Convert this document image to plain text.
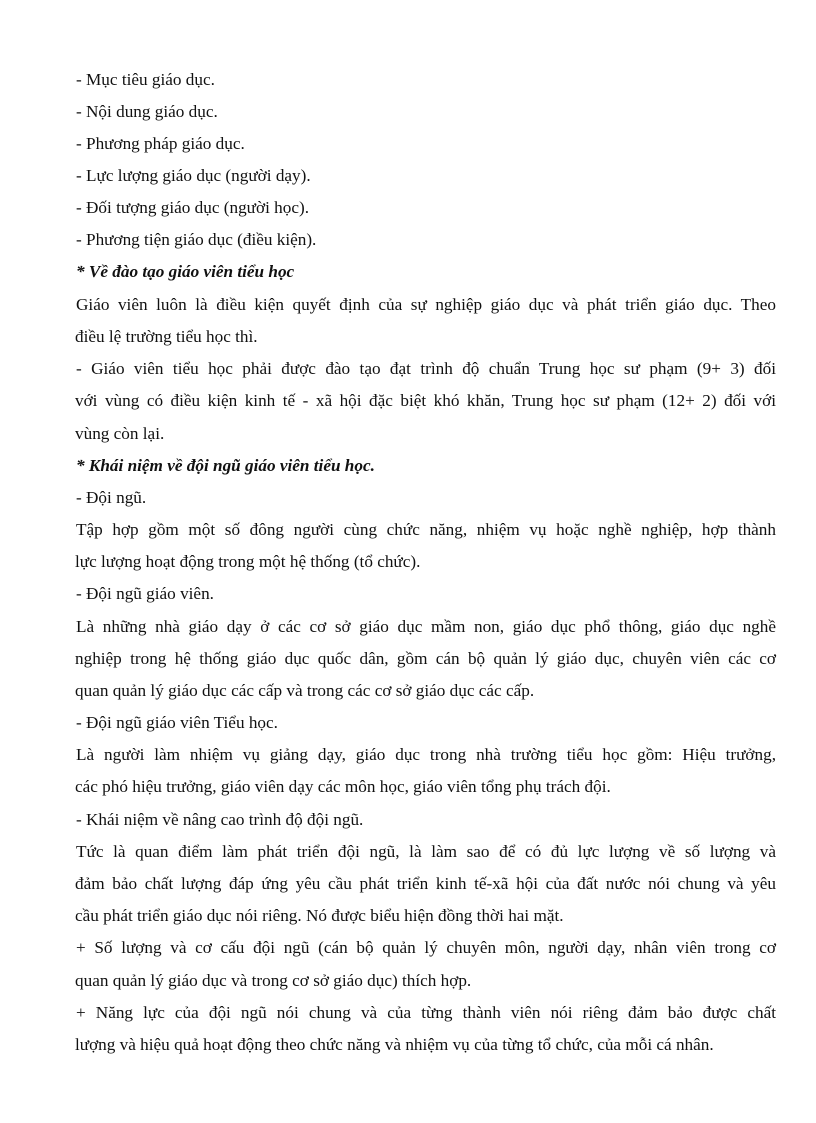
- Mục tiêu giáo dục.

- Nội dung giáo dục.

- Phương pháp giáo dục.

- Lực lượng giáo dục (người dạy).

- Đối tượng giáo dục (người học).

- Phương tiện giáo dục (điều kiện).

* Về đào tạo giáo viên tiểu học

Giáo viên luôn là điều kiện quyết định của sự nghiệp giáo dục và phát triển giáo dục. Theo

điều lệ trường tiểu học thì.

- Giáo viên tiểu học phải được đào tạo đạt trình độ chuẩn Trung học sư phạm (9+ 3) đối

với vùng có điều kiện kinh tế - xã hội đặc biệt khó khăn, Trung học sư phạm (12+ 2) đối với

vùng còn lại.

* Khái niệm về đội ngũ giáo viên tiểu học.

- Đội ngũ.

Tập hợp gồm một số đông người cùng chức năng, nhiệm vụ hoặc nghề nghiệp, hợp thành

lực lượng hoạt động trong một hệ thống (tổ chức).

- Đội ngũ giáo viên.

Là những nhà giáo dạy ở các cơ sở giáo dục mầm non, giáo dục phổ thông, giáo dục nghề

nghiệp trong hệ thống giáo dục quốc dân, gồm cán bộ quản lý giáo dục, chuyên viên các cơ

quan quản lý giáo dục các cấp và trong các cơ sở giáo dục các cấp.

- Đội ngũ giáo viên Tiểu học.

Là người làm nhiệm vụ giảng dạy, giáo dục trong nhà trường tiểu học gồm: Hiệu trưởng,

các phó hiệu trưởng, giáo viên dạy các môn học, giáo viên tổng phụ trách đội.

- Khái niệm về nâng cao trình độ đội ngũ.

Tức là quan điểm làm phát triển đội ngũ, là làm sao để có đủ lực lượng về số lượng và

đảm bảo chất lượng đáp ứng yêu cầu phát triển kinh tế-xã hội của đất nước nói chung và yêu

cầu phát triển giáo dục nói riêng. Nó được biểu hiện đồng thời hai mặt.

+ Số lượng và cơ cấu đội ngũ (cán bộ quản lý chuyên môn, người dạy, nhân viên trong cơ

quan quản lý giáo dục và trong cơ sở giáo dục) thích hợp.

+ Năng lực của đội ngũ nói chung và của từng thành viên nói riêng đảm bảo được chất

lượng và hiệu quả hoạt động theo chức năng và nhiệm vụ của từng tổ chức, của mỗi cá nhân.
